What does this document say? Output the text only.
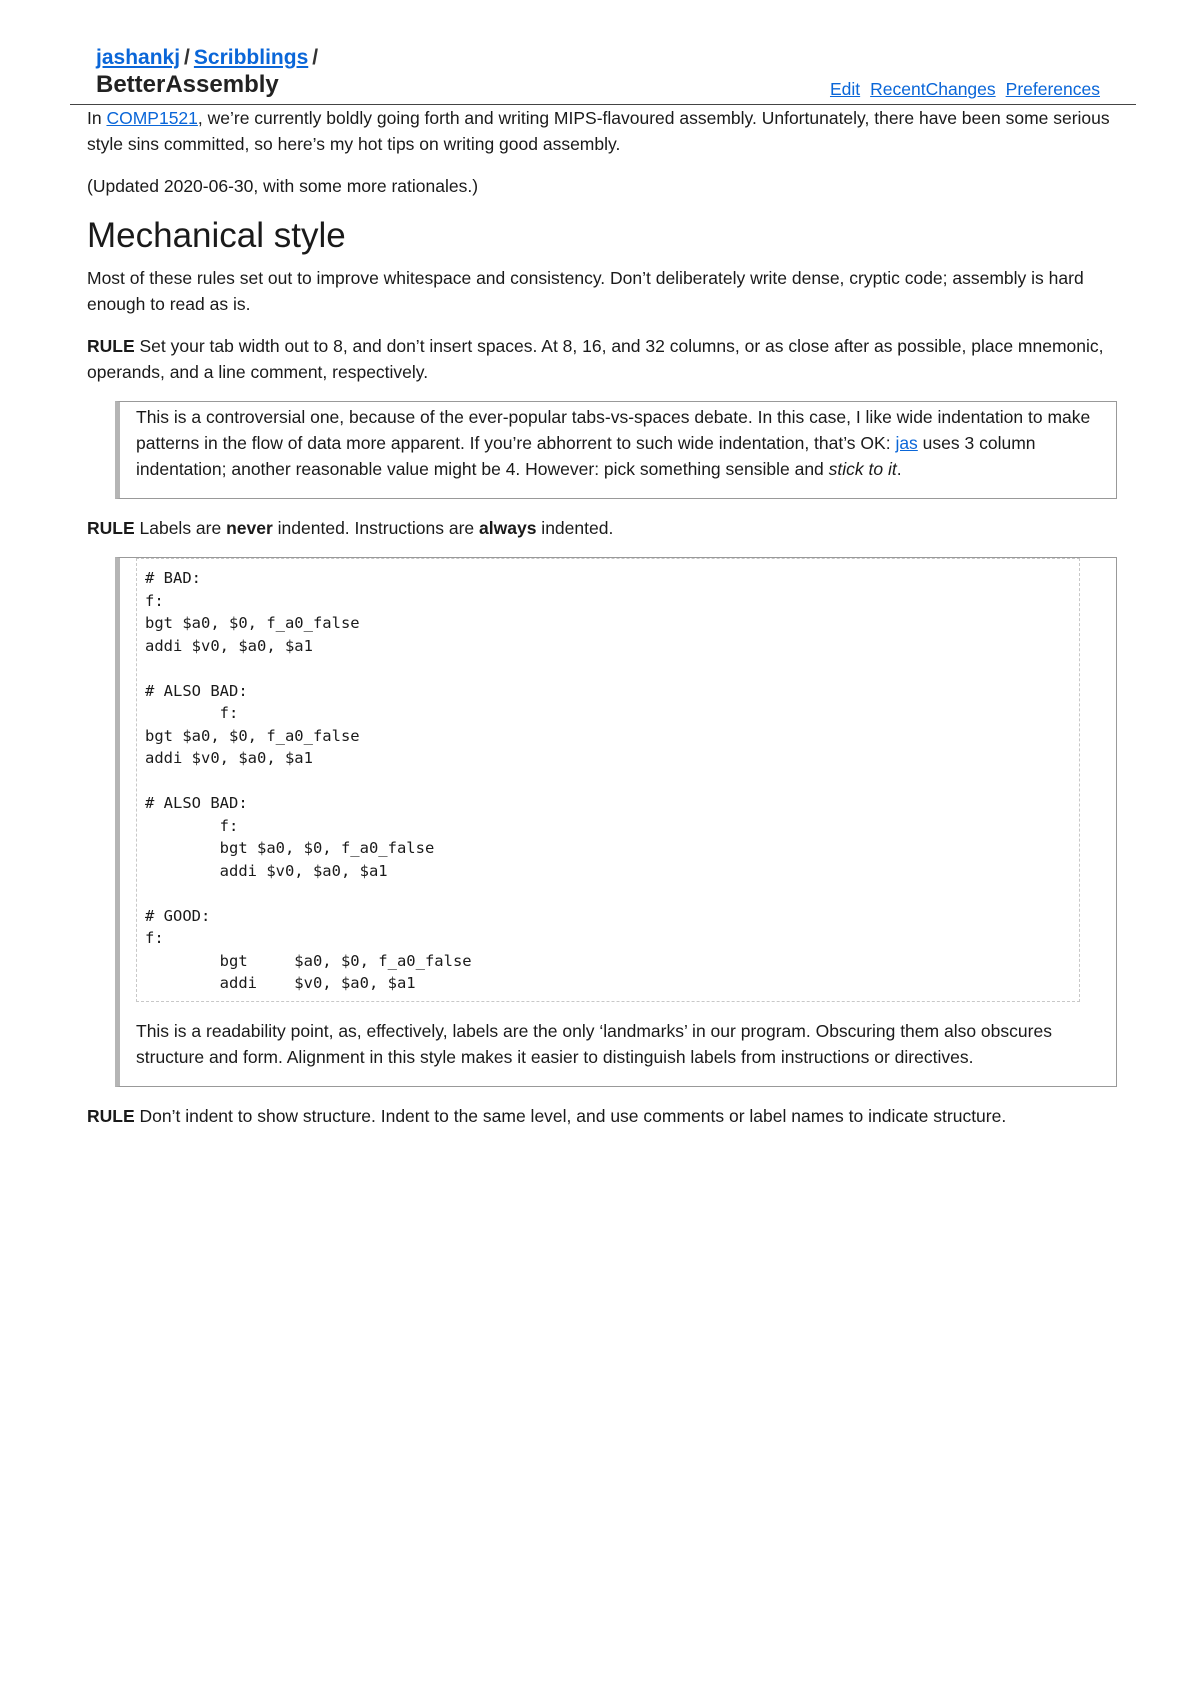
jashankj / Scribblings /
BetterAssembly	Edit RecentChanges Preferences

In COMP1521, we’re currently boldly going forth and writing MIPS-flavoured assembly. Unfortunately, there have been some serious style sins committed, so here’s my hot tips on writing good assembly.

(Updated 2020-06-30, with some more rationales.)

Mechanical style

Most of these rules set out to improve whitespace and consistency. Don’t deliberately write dense, cryptic code; assembly is hard enough to read as is.

RULE Set your tab width out to 8, and don’t insert spaces. At 8, 16, and 32 columns, or as close after as possible, place mnemonic, operands, and a line comment, respectively.

This is a controversial one, because of the ever-popular tabs-vs-spaces debate. In this case, I like wide indentation to make patterns in the flow of data more apparent. If you’re abhorrent to such wide indentation, that’s OK: jas uses 3 column indentation; another reasonable value might be 4. However: pick something sensible and stick to it.

RULE Labels are never indented. Instructions are always indented.

# BAD:
f:
bgt $a0, $0, f_a0_false
addi $v0, $a0, $a1

# ALSO BAD:
f:
bgt $a0, $0, f_a0_false
addi $v0, $a0, $a1

# ALSO BAD:
f:
bgt $a0, $0, f_a0_false
addi $v0, $a0, $a1

# GOOD:
f:
bgt     $a0, $0, f_a0_false
addi    $v0, $a0, $a1

This is a readability point, as, effectively, labels are the only ‘landmarks’ in our program. Obscuring them also obscures structure and form. Alignment in this style makes it easier to distinguish labels from instructions or directives.

RULE Don’t indent to show structure. Indent to the same level, and use comments or label names to indicate structure.
